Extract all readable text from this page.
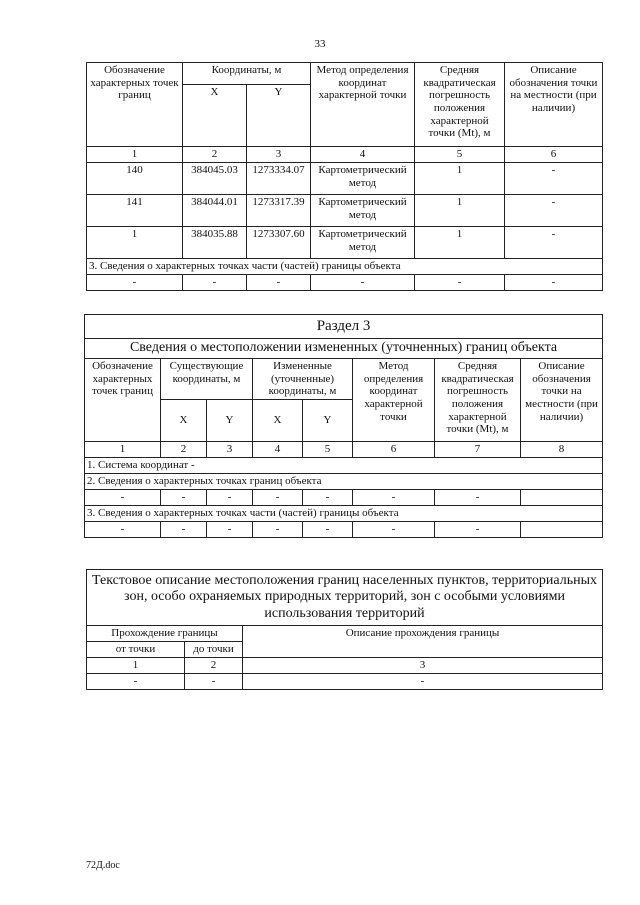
33
Обозначение характерных точек границ	Координаты, м		Метод определения координат характерной точки	Средняя квадратическая погрешность положения характерной точки (Mt), м	Описание обозначения точки на местности (при наличии)
	X	Y			
1	2	3	4	5	6
140	384045.03	1273334.07	Картометрический метод	1	-
141	384044.01	1273317.39	Картометрический метод	1	-
1	384035.88	1273307.60	Картометрический метод	1	-
3. Сведения о характерных точках части (частей) границы объекта					
-	-	-	-	-	-
Раздел 3							
Сведения о местоположении измененных (уточненных) границ объекта							
Обозначение характерных точек границ	Существующие координаты, м		Измененные (уточненные) координаты, м		Метод определения координат характерной точки	Средняя квадратическая погрешность положения характерной точки (Mt), м	Описание обозначения точки на местности (при наличии)
	X	Y	X	Y			
1	2	3	4	5	6	7	8
1. Система координат -							
2. Сведения о характерных точках границ объекта							
-	-	-	-	-	-	-	
3. Сведения о характерных точках части (частей) границы объекта							
-	-	-	-	-	-	-	
Текстовое описание местоположения границ населенных пунктов, территориальных зон, особо охраняемых природных территорий, зон с особыми условиями использования территорий		
Прохождение границы		Описание прохождения границы
от точки	до точки	
1	2	3
-	-	-
72Д.doc
